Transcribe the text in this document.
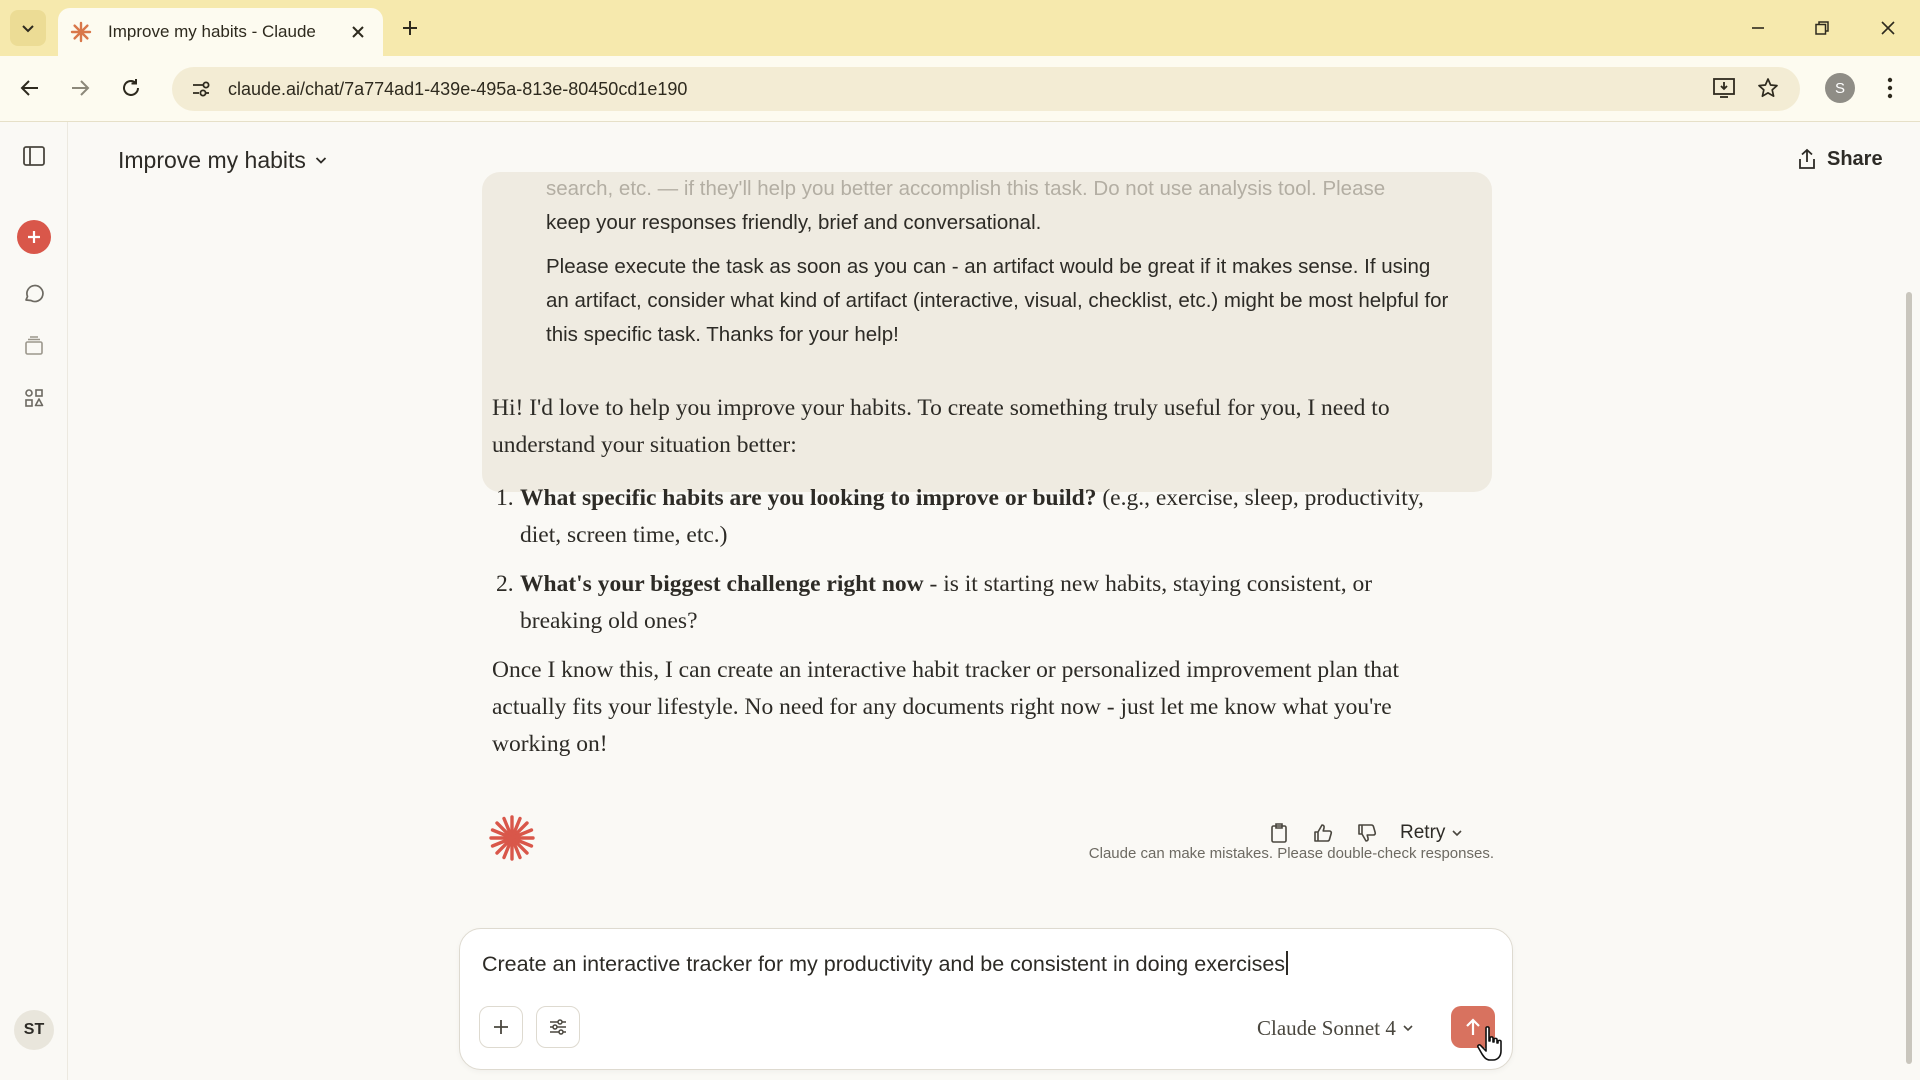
Improve my habits - Claude
claude.ai/chat/7a774ad1-439e-495a-813e-80450cd1e190	S
ST
Improve my habits	Share

search, etc. — if they'll help you better accomplish this task. Do not use analysis tool. Please

keep your responses friendly, brief and conversational.

Please execute the task as soon as you can - an artifact would be great if it makes sense. If using an artifact, consider what kind of artifact (interactive, visual, checklist, etc.) might be most helpful for this specific task. Thanks for your help!

Hi! I'd love to help you improve your habits. To create something truly useful for you, I need to understand your situation better:
1. What specific habits are you looking to improve or build? (e.g., exercise, sleep, productivity, diet, screen time, etc.)
2. What's your biggest challenge right now - is it starting new habits, staying consistent, or breaking old ones?
Once I know this, I can create an interactive habit tracker or personalized improvement plan that actually fits your lifestyle. No need for any documents right now - just let me know what you're working on!
Retry
Claude can make mistakes. Please double-check responses.
Create an interactive tracker for my productivity and be consistent in doing exercises
Claude Sonnet 4
